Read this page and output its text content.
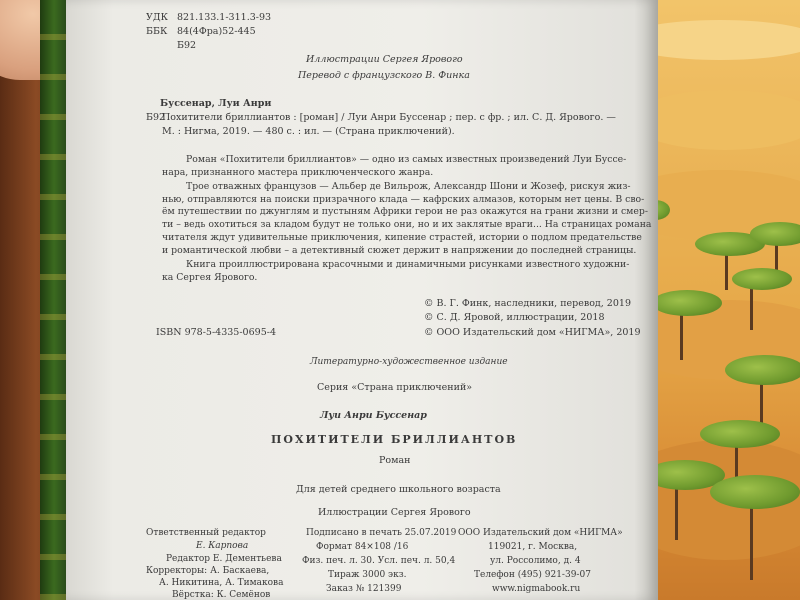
УДК 821.133.1-311.3-93
ББК 84(4Фра)52-445
Б92
Иллюстрации Сергея Ярового
Перевод с французского В. Финка
Буссенар, Луи Анри
Б92
Похитители бриллиантов : [роман] / Луи Анри Буссенар ; пер. с фр. ; ил. С. Д. Ярового. —
М. : Нигма, 2019. — 480 с. : ил. — (Страна приключений).
Роман «Похитители бриллиантов» — одно из самых известных произведений Луи Буссе-
нара, признанного мастера приключенческого жанра.
Трое отважных французов — Альбер де Вильрож, Александр Шони и Жозеф, рискуя жиз-
нью, отправляются на поиски призрачного клада — кафрских алмазов, которым нет цены. В сво-
ём путешествии по джунглям и пустыням Африки герои не раз окажутся на грани жизни и смер-
ти – ведь охотиться за кладом будут не только они, но и их заклятые враги... На страницах романа
читателя ждут удивительные приключения, кипение страстей, истории о подлом предательстве
и романтической любви – а детективный сюжет держит в напряжении до последней страницы.
Книга проиллюстрирована красочными и динамичными рисунками известного художни-
ка Сергея Ярового.
© В. Г. Финк, наследники, перевод, 2019
© С. Д. Яровой, иллюстрации, 2018
© ООО Издательский дом «НИГМА», 2019
ISBN 978-5-4335-0695-4
Литературно-художественное издание
Серия «Страна приключений»
Луи Анри Буссенар
ПОХИТИТЕЛИ БРИЛЛИАНТОВ
Роман
Для детей среднего школьного возраста
Иллюстрации Сергея Ярового
Ответственный редактор
Е. Карпова
Редактор Е. Дементьева
Корректоры: А. Баскаева,
А. Никитина, А. Тимакова
Вёрстка: К. Семёнов
Подписано в печать 25.07.2019
Формат 84×108 /16
Физ. печ. л. 30. Усл. печ. л. 50,4
Тираж 3000 экз.
Заказ № 121399
ООО Издательский дом «НИГМА»
119021, г. Москва,
ул. Россолимо, д. 4
Телефон (495) 921-39-07
www.nigmabook.ru
